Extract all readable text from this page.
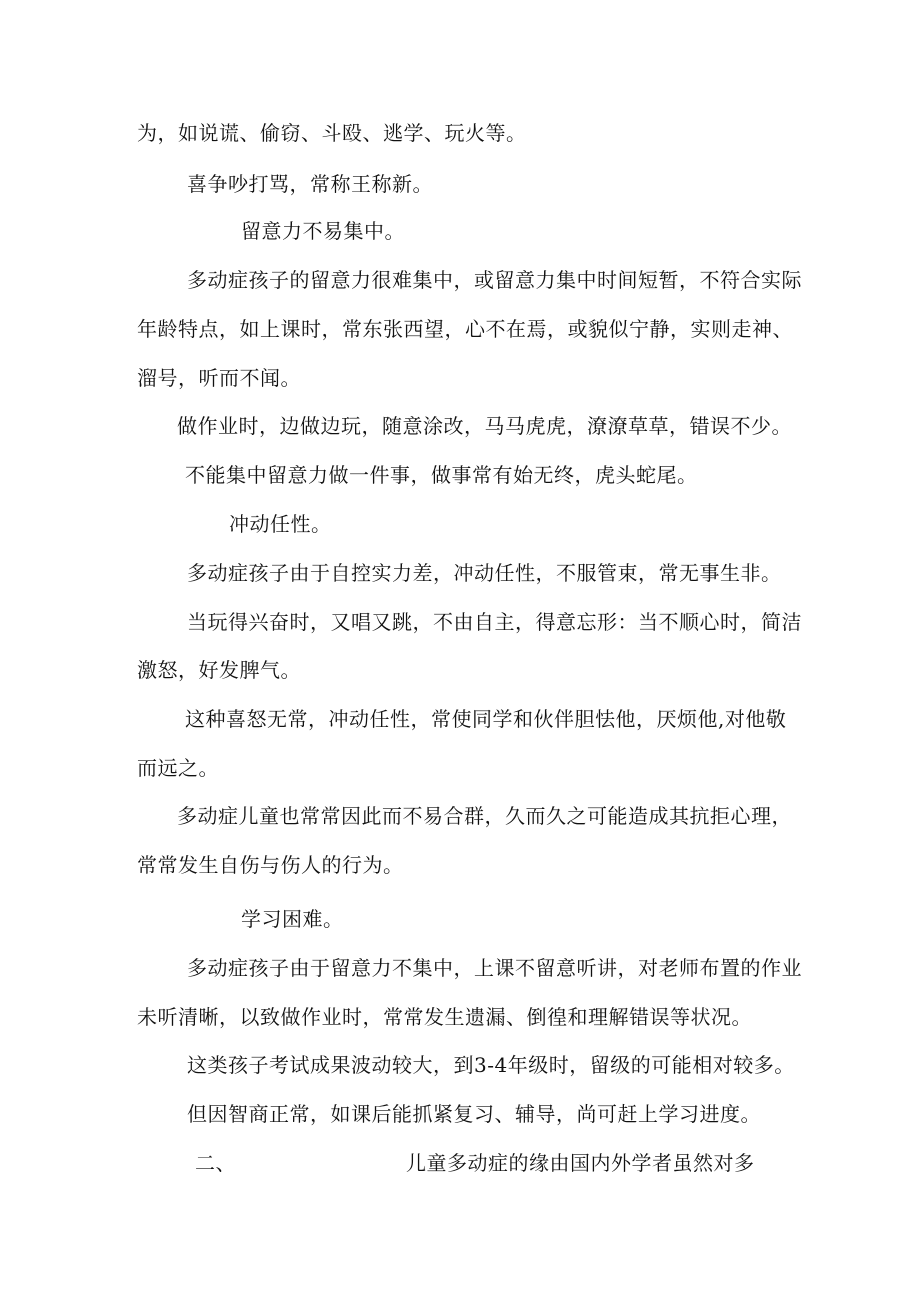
为，如说谎、偷窃、斗殴、逃学、玩火等。
喜争吵打骂，常称王称新。
留意力不易集中。
多动症孩子的留意力很难集中，或留意力集中时间短暂，不符合实际
年龄特点，如上课时，常东张西望，心不在焉，或貌似宁静，实则走神、
溜号，听而不闻。
做作业时，边做边玩，随意涂改，马马虎虎，潦潦草草，错误不少。
不能集中留意力做一件事，做事常有始无终，虎头蛇尾。
冲动任性。
多动症孩子由于自控实力差，冲动任性，不服管束，常无事生非。
当玩得兴奋时，又唱又跳，不由自主，得意忘形：当不顺心时，简洁
激怒，好发脾气。
这种喜怒无常，冲动任性，常使同学和伙伴胆怯他，厌烦他,对他敬
而远之。
多动症儿童也常常因此而不易合群，久而久之可能造成其抗拒心理，
常常发生自伤与伤人的行为。
学习困难。
多动症孩子由于留意力不集中，上课不留意听讲，对老师布置的作业
未听清晰，以致做作业时，常常发生遗漏、倒徨和理解错误等状况。
这类孩子考试成果波动较大，到3-4年级时，留级的可能相对较多。
但因智商正常，如课后能抓紧复习、辅导，尚可赶上学习进度。
二、	儿童多动症的缘由国内外学者虽然对多
